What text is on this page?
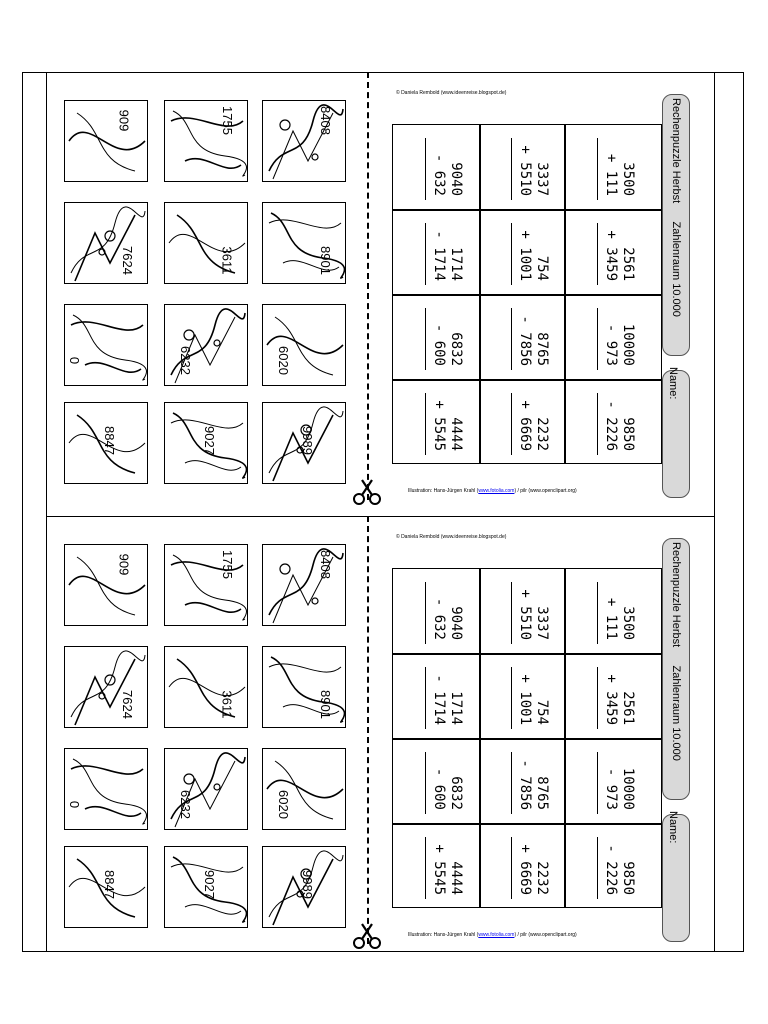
Rechenpuzzle Herbst      Zahlenraum 10.000
Name:
© Daniela Rembold (www.ideenreise.blogspot.de)
Illustration: Hans-Jürgen Krahl (www.fotolia.com) / pilr (www.openclipart.org)
3500
+ 111
2561
+ 3459
10000
- 973
9850
- 2226
3337
+ 5510
754
+ 1001
8765
- 7856
2232
+ 6669
9040
- 632
1714
- 1714
6832
- 600
4444
+ 5545
8408
8901
6020
9989
1755
3611
6232
9027
909
7624
0
8847
Rechenpuzzle Herbst      Zahlenraum 10.000
Name:
© Daniela Rembold (www.ideenreise.blogspot.de)
Illustration: Hans-Jürgen Krahl (www.fotolia.com) / pilr (www.openclipart.org)
3500
+ 111
2561
+ 3459
10000
- 973
9850
- 2226
3337
+ 5510
754
+ 1001
8765
- 7856
2232
+ 6669
9040
- 632
1714
- 1714
6832
- 600
4444
+ 5545
8408
8901
6020
9989
1755
3611
6232
9027
909
7624
0
8847
